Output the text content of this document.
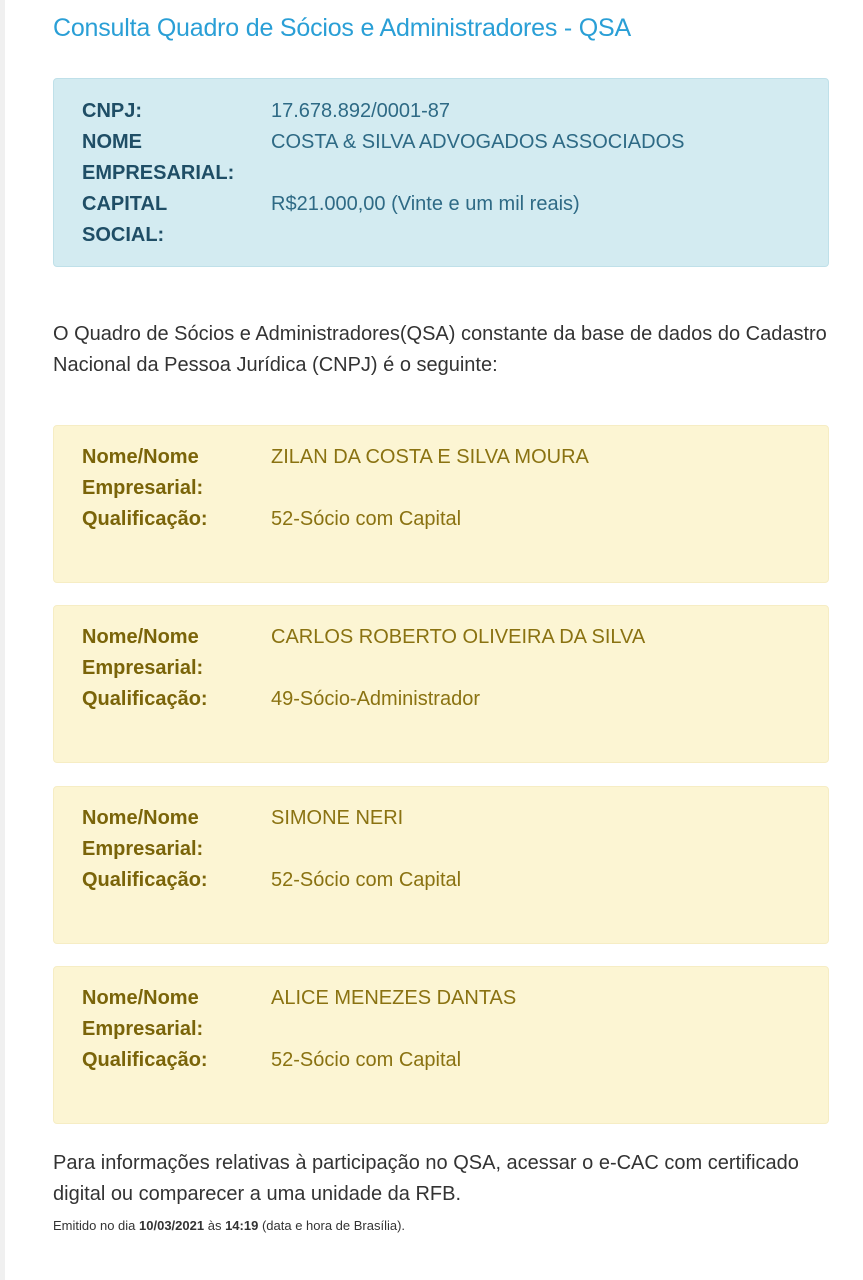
Consulta Quadro de Sócios e Administradores - QSA
CNPJ:	17.678.892/0001-87
NOME
EMPRESARIAL:
COSTA & SILVA ADVOGADOS ASSOCIADOS
CAPITAL
SOCIAL:
R$21.000,00 (Vinte e um mil reais)
O Quadro de Sócios e Administradores(QSA) constante da base de dados do Cadastro Nacional da Pessoa Jurídica (CNPJ) é o seguinte:
Nome/Nome
Empresarial:
ZILAN DA COSTA E SILVA MOURA
Qualificação:	52-Sócio com Capital
Nome/Nome
Empresarial:
CARLOS ROBERTO OLIVEIRA DA SILVA
Qualificação:	49-Sócio-Administrador
Nome/Nome
Empresarial:
SIMONE NERI
Qualificação:	52-Sócio com Capital
Nome/Nome
Empresarial:
ALICE MENEZES DANTAS
Qualificação:	52-Sócio com Capital
Para informações relativas à participação no QSA, acessar o e-CAC com certificado digital ou comparecer a uma unidade da RFB.
Emitido no dia 10/03/2021 às 14:19 (data e hora de Brasília).
